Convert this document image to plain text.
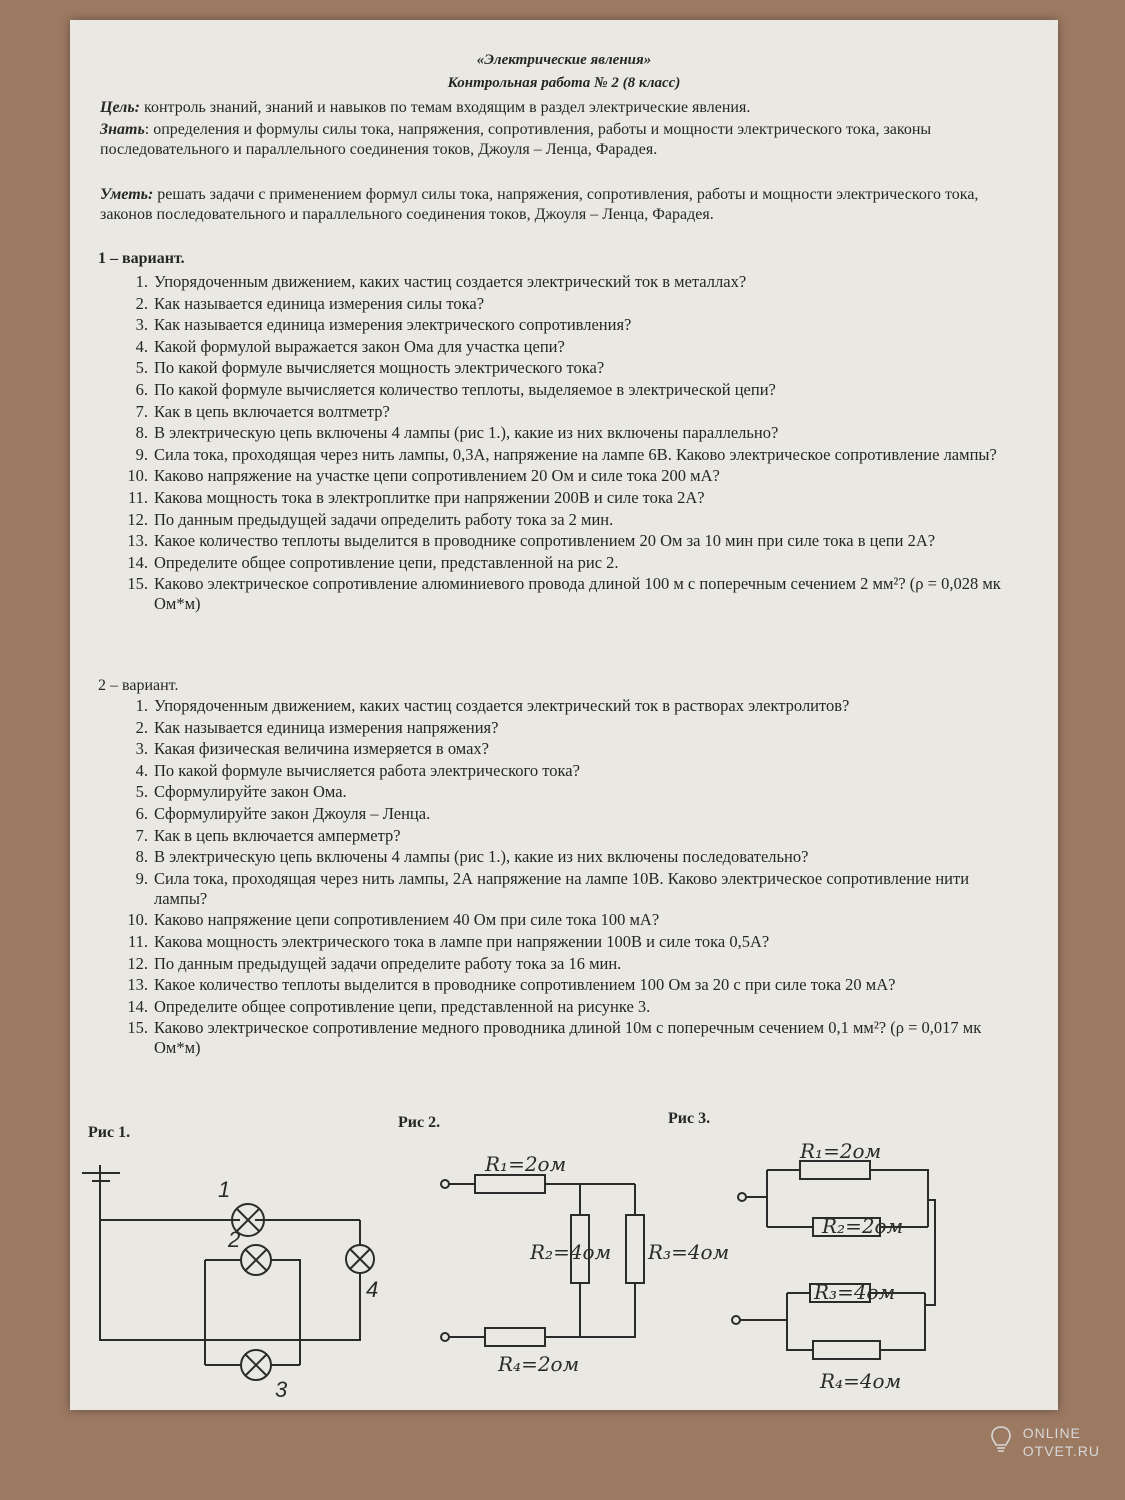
«Электрические явления»
Контрольная работа № 2 (8 класс)

Цель: контроль знаний, знаний и навыков по темам входящим в раздел электрические явления.

Знать: определения и формулы силы тока, напряжения, сопротивления, работы и мощности электрического тока, законы последовательного и параллельного соединения токов, Джоуля – Ленца, Фарадея.

Уметь: решать задачи с применением формул силы тока, напряжения, сопротивления, работы и мощности электрического тока, законов последовательного и параллельного соединения токов, Джоуля – Ленца, Фарадея.

1 – вариант.
1. Упорядоченным движением, каких частиц создается электрический ток в металлах?
2. Как называется единица измерения силы тока?
3. Как называется единица измерения электрического сопротивления?
4. Какой формулой выражается закон Ома для участка цепи?
5. По какой формуле вычисляется мощность электрического тока?
6. По какой формуле вычисляется количество теплоты, выделяемое в электрической цепи?
7. Как в цепь включается волтметр?
8. В электрическую цепь включены 4 лампы (рис 1.), какие из них включены параллельно?
9. Сила тока, проходящая через нить лампы, 0,3А, напряжение на лампе 6В. Каково электрическое сопротивление лампы?
10. Каково напряжение на участке цепи сопротивлением 20 Ом и силе тока 200 мА?
11. Какова мощность тока в электроплитке при напряжении 200В и силе тока 2А?
12. По данным предыдущей задачи определить работу тока за 2 мин.
13. Какое количество теплоты выделится в проводнике сопротивлением 20 Ом за 10 мин при силе тока в цепи 2А?
14. Определите общее сопротивление цепи, представленной на рис 2.
15. Каково электрическое сопротивление алюминиевого провода длиной 100 м с поперечным сечением 2 мм²? (ρ = 0,028 мк Ом*м)
2 – вариант.
1. Упорядоченным движением, каких частиц создается электрический ток в растворах электролитов?
2. Как называется единица измерения напряжения?
3. Какая физическая величина измеряется в омах?
4. По какой формуле вычисляется работа электрического тока?
5. Сформулируйте закон Ома.
6. Сформулируйте закон Джоуля – Ленца.
7. Как в цепь включается амперметр?
8. В электрическую цепь включены 4 лампы (рис 1.), какие из них включены последовательно?
9. Сила тока, проходящая через нить лампы, 2А напряжение на лампе 10В. Каково электрическое сопротивление нити лампы?
10. Каково напряжение цепи сопротивлением 40 Ом при силе тока 100 мА?
11. Какова мощность электрического тока в лампе при напряжении 100В и силе тока 0,5А?
12. По данным предыдущей задачи определите работу тока за 16 мин.
13. Какое количество теплоты выделится в проводнике сопротивлением 100 Ом за 20 с при силе тока 20 мА?
14. Определите общее сопротивление цепи, представленной на рисунке 3.
15. Каково электрическое сопротивление медного проводника длиной 10м с поперечным сечением 0,1 мм²? (ρ = 0,017 мк Ом*м)
Рис 1.
1
2
3
4
Рис 2.
R₁=2ом
R₂=4ом R₃=4ом
R₄=2ом
Рис 3.
R₁=2ом
R₂=2ом
R₃=4ом
R₄=4ом
ONLINE
OTVET.RU
